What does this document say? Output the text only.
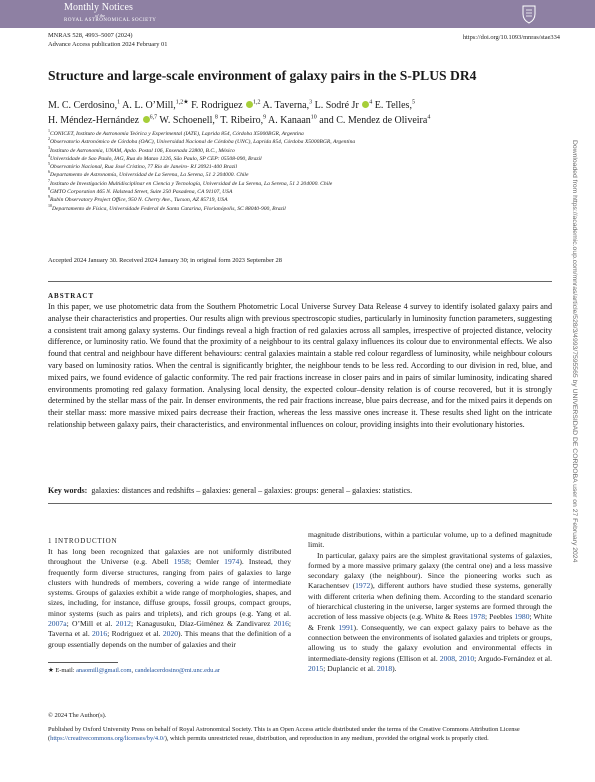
Monthly Notices
of the
ROYAL ASTRONOMICAL SOCIETY
MNRAS 528, 4993–5007 (2024)
Advance Access publication 2024 February 01
https://doi.org/10.1093/mnras/stae334
Structure and large-scale environment of galaxy pairs in the S-PLUS DR4
M. C. Cerdosino,$^1$ A. L. O’Mill,$^{1,2★}$ F. Rodriguez $^{1,2}$ A. Taverna,$^3$ L. Sodré Jr $^4$ E. Telles,$^5$
H. Méndez-Hernández $^{6,7}$ W. Schoenell,$^8$ T. Ribeiro,$^9$ A. Kanaan$^{10}$ and C. Mendez de Oliveira$^4$
$^1$CONICET, Instituto de Astronomía Teórica y Experimental (IATE), Laprida 854, Córdoba X5000BGR, Argentina
$^2$Observatorio Astronómico de Córdoba (OAC), Universidad Nacional de Córdoba (UNC), Laprida 854, Córdoba X5000BGR, Argentina
$^3$Instituto de Astronomía, UNAM, Apdo. Postal 106, Ensenada 22800, B.C., México
$^4$Universidade de Sao Paulo, IAG, Rua do Matao 1226, São Paulo, SP CEP: 05508-090, Brazil
$^5$Observatório Nacional, Rua José Cristino, 77 Rio de Janeiro- RJ 20921-400 Brazil
$^6$Departamento de Astronomía, Universidad de La Serena, La Serena, 51 2 204000. Chile
$^7$Instituto de Investigación Multidisciplinar en Ciencia y Tecnología, Universidad de La Serena, La Serena, 51 2 204000. Chile
$^8$GMTO Corporation 465 N. Halstead Street, Suite 250 Pasadena, CA 91107, USA
$^9$Rubin Observatory Project Office, 950 N. Cherry Ave., Tucson, AZ 85719, USA
$^{10}$Departamento de Física, Universidade Federal de Santa Catarina, Florianópolis, SC 88040-900, Brazil
Accepted 2024 January 30. Received 2024 January 30; in original form 2023 September 28
ABSTRACT

In this paper, we use photometric data from the Southern Photometric Local Universe Survey Data Release 4 survey to identify isolated galaxy pairs and analyse their characteristics and properties. Our results align with previous spectroscopic studies, particularly in luminosity function parameters, suggesting a consistent trait among galaxy systems. Our findings reveal a high fraction of red galaxies across all samples, irrespective of projected distance, velocity difference, or luminosity ratio. We found that the proximity of a neighbour to its central galaxy influences its colour due to environmental effects. We also found that central and neighbour have different behaviours: central galaxies maintain a stable red colour regardless of luminosity, while neighbour colours vary based on luminosity ratios. When the central is significantly brighter, the neighbour tends to be less red. According to our division in red, blue, and mixed pairs, we found evidence of galactic conformity. The red pair fractions increase in closer pairs and in pairs of similar luminosity, indicating shared environments promoting red galaxy formation. Analysing local density, the expected colour–density relation is of course recovered, but it is strongly determined by the stellar mass of the pair. In denser environments, the red pair fractions increase, blue pairs decrease, and for the mixed pairs it depends on their stellar mass: more massive mixed pairs decrease their fraction, whereas the less massive ones increase it. These results shed light on the intricate relationship between galaxy pairs, their characteristics, and environmental influences on colour, providing insights into their evolutionary histories.

Key words: galaxies: distances and redshifts – galaxies: general – galaxies: groups: general – galaxies: statistics.
1 INTRODUCTION

It has long been recognized that galaxies are not uniformly distributed throughout the Universe (e.g. Abell 1958; Oemler 1974). Instead, they frequently form diverse structures, ranging from pairs of galaxies to large clusters with hundreds of members, covering a wide range of intermediate systems. Groups of galaxies exhibit a wide range of morphologies, shapes, and sizes, including, for instance, diffuse groups, fossil groups, compact groups, minor systems (such as pairs and triplets), and rich groups (e.g. Yang et al. 2007a; O’Mill et al. 2012; Kanagusuku, Díaz-Giménez & Zandivarez 2016; Taverna et al. 2016; Rodriguez et al. 2020). This means that the definition of a group essentially depends on the number of galaxies and their

magnitude distributions, within a particular volume, up to a defined magnitude limit.

In particular, galaxy pairs are the simplest gravitational systems of galaxies, formed by a more massive primary galaxy (the central one) and a less massive secondary galaxy (the neighbour). Since the pioneering works such as Karachentsev (1972), different authors have studied these systems, generally with different criteria when defining them. According to the standard scenario of hierarchical clustering in the universe, larger systems are formed through the accretion of less massive objects (e.g. White & Rees 1978; Peebles 1980; White & Frenk 1991). Consequently, we can expect galaxy pairs to behave as the connection between the environments of isolated galaxies and triplets or groups, allowing us to study the galaxy evolution and environmental effects in intermediate-density regions (Ellison et al. 2008, 2010; Argudo-Fernández et al. 2015; Duplancic et al. 2018).

★ E-mail: anaomill@gmail.com, candelacerdosino@mi.unc.edu.ar
© 2024 The Author(s).

Published by Oxford University Press on behalf of Royal Astronomical Society. This is an Open Access article distributed under the terms of the Creative Commons Attribution License (https://creativecommons.org/licenses/by/4.0/), which permits unrestricted reuse, distribution, and reproduction in any medium, provided the original work is properly cited.

Downloaded from https://academic.oup.com/mnras/article/528/3/4993/7595565 by UNIVERSIDAD DE CORDOBA user on 27 February 2024
